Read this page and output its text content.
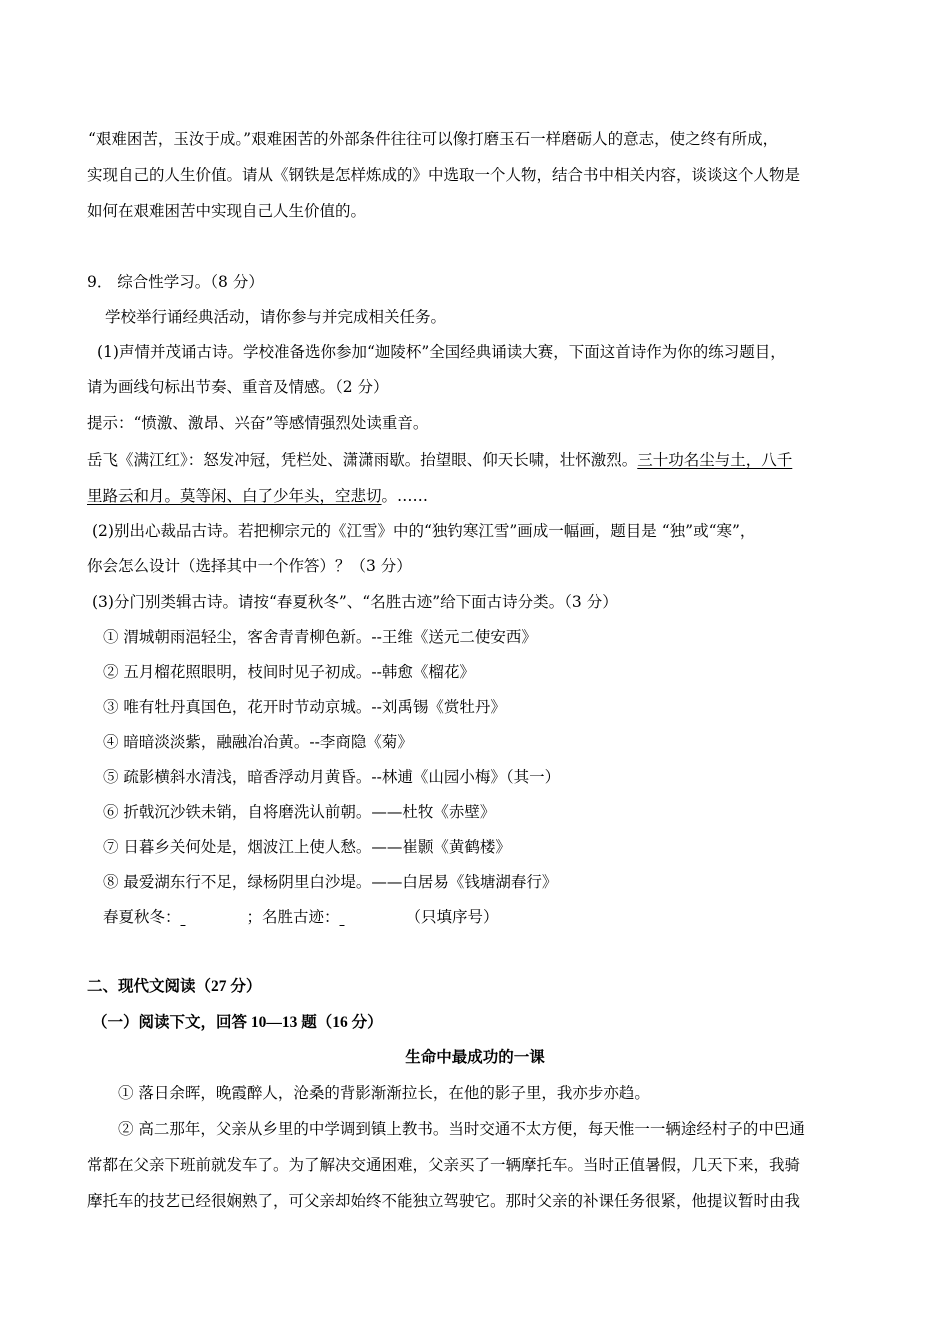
“艰难困苦，玉汝于成。”艰难困苦的外部条件往往可以像打磨玉石一样磨砺人的意志，使之终有所成，
实现自己的人生价值。请从《钢铁是怎样炼成的》中选取一个人物，结合书中相关内容，谈谈这个人物是
如何在艰难困苦中实现自己人生价值的。
9． 综合性学习。（8 分）
学校举行诵经典活动，请你参与并完成相关任务。
(1)声情并茂诵古诗。学校准备选你参加“迦陵杯”全国经典诵读大赛，下面这首诗作为你的练习题目，
请为画线句标出节奏、重音及情感。（2 分）
提示：“愤激、激昂、兴奋”等感情强烈处读重音。
岳飞《满江红》：怒发冲冠，凭栏处、潇潇雨歇。抬望眼、仰天长啸，壮怀激烈。三十功名尘与土，八千
里路云和月。莫等闲、白了少年头，空悲切。……
(2)别出心裁品古诗。若把柳宗元的《江雪》中的“独钓寒江雪”画成一幅画，题目是 “独”或“寒”，
你会怎么设计（选择其中一个作答）？（3 分）
(3)分门别类辑古诗。请按“春夏秋冬”、“名胜古迹”给下面古诗分类。（3 分）
① 渭城朝雨浥轻尘，客舍青青柳色新。--王维《送元二使安西》
② 五月榴花照眼明，枝间时见子初成。--韩愈《榴花》
③ 唯有牡丹真国色，花开时节动京城。--刘禹锡《赏牡丹》
④ 暗暗淡淡紫，融融冶冶黄。--李商隐《菊》
⑤ 疏影横斜水清浅，暗香浮动月黄昏。--林逋《山园小梅》（其一）
⑥ 折戟沉沙铁未销，自将磨洗认前朝。——杜牧《赤壁》
⑦ 日暮乡关何处是，烟波江上使人愁。——崔颢《黄鹤楼》
⑧ 最爱湖东行不足，绿杨阴里白沙堤。——白居易《钱塘湖春行》
春夏秋冬：	；名胜古迹：	（只填序号）
二、现代文阅读（27 分）
（一）阅读下文，回答 10—13 题（16 分）
生命中最成功的一课
① 落日余晖，晚霞醉人，沧桑的背影渐渐拉长，在他的影子里，我亦步亦趋。
② 高二那年，父亲从乡里的中学调到镇上教书。当时交通不太方便，每天惟一一辆途经村子的中巴通
常都在父亲下班前就发车了。为了解决交通困难，父亲买了一辆摩托车。当时正值暑假，几天下来，我骑
摩托车的技艺已经很娴熟了，可父亲却始终不能独立驾驶它。那时父亲的补课任务很紧，他提议暂时由我
